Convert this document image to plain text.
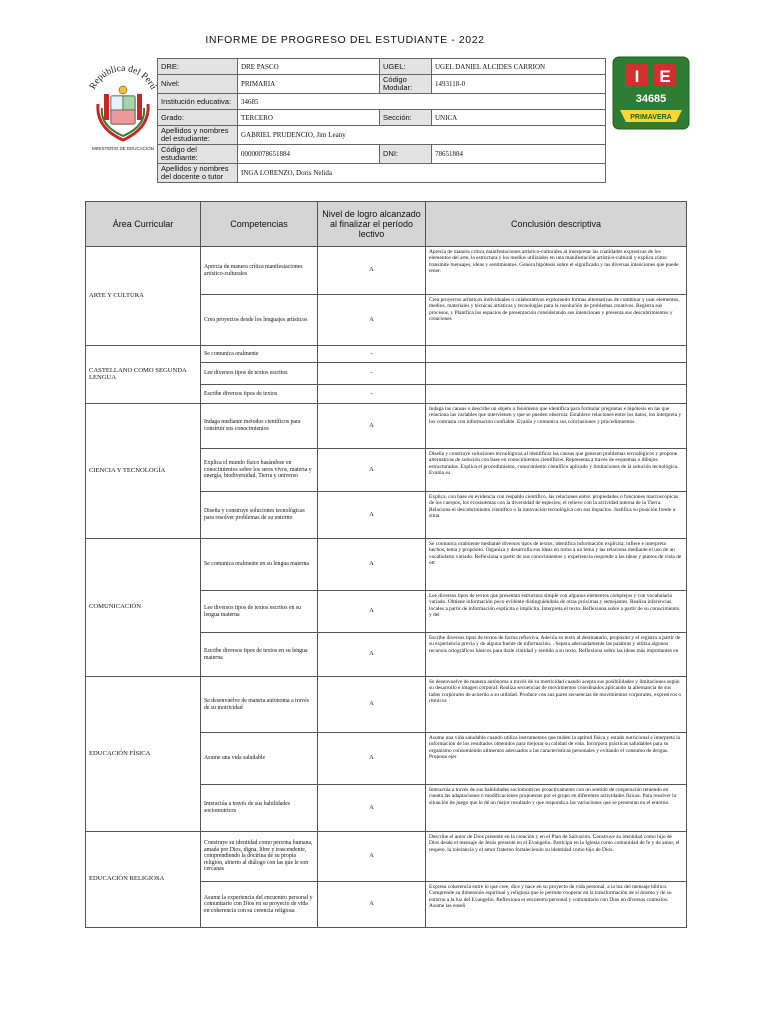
INFORME DE PROGRESO DEL ESTUDIANTE - 2022
República del Perú
MINISTERIO DE EDUCACIÓN
I E
34685
PRIMAVERA
DRE:	DRE PASCO	UGEL:	UGEL DANIEL ALCIDES CARRION
Nivel:	PRIMARIA	Código Modular:	1493118-0
Institución educativa:	34685		
Grado:	TERCERO	Sección:	UNICA
Apellidos y nombres del estudiante:	GABRIEL PRUDENCIO, Jim Leany		
Código del estudiante:	00000078651884	DNI:	78651884
Apellidos y nombres del docente o tutor	INGA LORENZO, Doris Nelida		
Área Curricular	Competencias	Nivel de logro alcanzado al finalizar el período lectivo	Conclusión descriptiva
ARTE Y CULTURA	Aprecia de manera crítica manifestaciones artístico-culturales	A	Aprecia de manera crítica manifestaciones artístico-culturales al interpretar las cualidades expresivas de los elementos del arte, la estructura y los medios utilizados en una manifestación artístico-cultural y explica cómo transmite mensajes, ideas y sentimientos. Genera hipótesis sobre el significado y las diversas intenciones que puede tener.
	Crea proyectos desde los lenguajes artísticos	A	Crea proyectos artísticos individuales o colaborativos explorando formas alternativas de combinar y usar elementos, medios, materiales y técnicas artísticas y tecnologías para la resolución de problemas creativos. Registra sus procesos, y Planifica los espacios de presentación considerando sus intenciones y presenta sus descubrimientos y creaciones
CASTELLANO COMO SEGUNDA LENGUA	Se comunica oralmente	-	
	Lee diversos tipos de textos escritos	-	
	Escribe diversos tipos de textos	-	
CIENCIA Y TECNOLOGÍA	Indaga mediante métodos científicos para construir sus conocimientos	A	Indaga las causas o describe un objeto o fenómeno que identifica para formular preguntas e hipótesis en las que relaciona las variables que intervienen y que se pueden observar. Establece relaciones entre los datos, los interpreta y los contrasta con información confiable. Evalúa y comunica sus conclusiones y procedimientos.
	Explica el mundo físico basándose en conocimientos sobre los seres vivos, materia y energía, biodiversidad, Tierra y universo	A	Diseña y construye soluciones tecnológicas al identificar las causas que generan problemas tecnológicos y propone alternativas de solución con base en conocimientos científicos. Representa a través de esquemas o dibujos estructurados. Explica el procedimiento, conocimiento científico aplicado y limitaciones de la solución tecnológica. Evalúa su
	Diseña y construye soluciones tecnológicas para resolver problemas de su entorno	A	Explica, con base en evidencia con respaldo científico, las relaciones entre: propiedades o funciones macroscópicas de los cuerpos, los ecosistemas con la diversidad de especies; el relieve con la actividad interna de la Tierra. Relaciona el descubrimiento científico o la innovación tecnológica con sus impactos. Justifica su posición frente a situa
COMUNICACIÓN	Se comunica oralmente en su lengua materna	A	Se comunica oralmente mediante diversos tipos de textos; identifica información explícita; infiere e interpreta hechos, tema y propósito. Organiza y desarrolla sus ideas en torno a un tema y las relaciona mediante el uso de un vocabulario variado. Reflexiona a partir de sus conocimientos y experiencia responde a las ideas y puntos de vista de otr
	Lee diversos tipos de textos escritos en su lengua materna	A	Lee diversos tipos de textos que presentan estructura simple con algunos elementos complejos y con vocabulario variado. Obtiene información poco evidente distinguiéndola de otras próximas y semejantes. Realiza inferencias locales a partir de información explícita e implícita. Interpreta el texto. Reflexiona sobre a partir de su conocimiento y del
	Escribe diversos tipos de textos en su lengua materna	A	Escribe diversos tipos de textos de forma reflexiva. Adecúa su texto al destinatario, propósito y el registro a partir de su experiencia previa y de alguna fuente de información. . Separa adecuadamente las palabras y utiliza algunos recursos ortográficos básicos para darle claridad y sentido a su texto. Reflexiona sobre las ideas más importantes en
EDUCACIÓN FÍSICA	Se desenvuelve de manera autónoma a través de su motricidad	A	Se desenvuelve de manera autónoma a través de su motricidad cuando acepta sus posibilidades y limitaciones según su desarrollo e imagen corporal. Realiza secuencias de movimientos coordinados aplicando la alternancia de sus lados corporales de acuerdo a su utilidad. Produce con sus pares secuencias de movimientos corporales, expresivos o rítmicos
	Asume una vida saludable	A	Asume una vida saludable cuando utiliza instrumentos que miden la aptitud física y estado nutricional e interpreta la información de los resultados obtenidos para mejorar su calidad de vida. Incorpora prácticas saludables para su organismo consumiendo alimentos adecuados a las características personales y evitando el consumo de drogas. Propone ejer
	Interactúa a través de sus habilidades sociomotrices	A	Interactúa a través de sus habilidades sociomotrices proactivamente con un sentido de cooperación teniendo en cuenta las adaptaciones o modificaciones propuestas por el grupo en diferentes actividades físicas. Para resolver la situación de juego que le dé un mejor resultado y que responda a las variaciones que se presentan en el entorno.
EDUCACIÓN RELIGIOSA	Construye su identidad como persona humana, amada por Dios, digna, libre y trascendente, comprendiendo la doctrina de su propia religión, abierto al diálogo con las que le son cercanas	A	Describe el amor de Dios presente en la creación y en el Plan de Salvación. Construye su identidad como hijo de Dios desde el mensaje de Jesús presente en el Evangelio. Participa en la Iglesia como comunidad de fe y de amor, el respeto, la tolerancia y el amor fraterno fortaleciendo su identidad como hijo de Dios.
	Asume la experiencia del encuentro personal y comunitario con Dios en su proyecto de vida en coherencia con su creencia religiosa	A	Expresa coherencia entre lo que cree, dice y hace en su proyecto de vida personal, a la luz del mensaje bíblico. Comprende su dimensión espiritual y religiosa que le permite cooperar en la transformación de sí mismo y de su entorno a la luz del Evangelio. Reflexiona el encuentro personal y comunitario con Dios en diversos contextos. Asume las enseñ
